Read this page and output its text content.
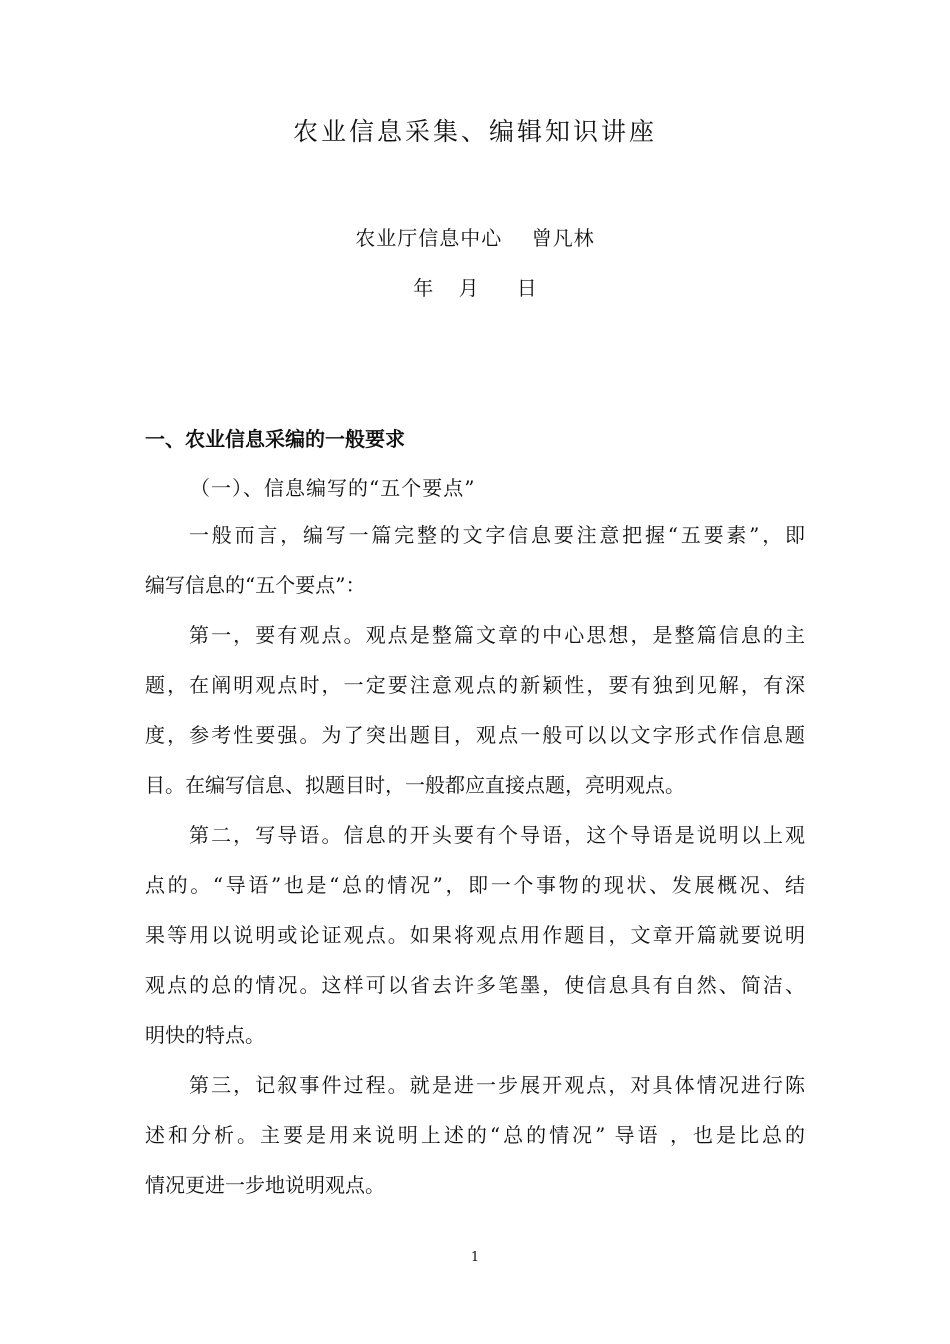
农业信息采集、编辑知识讲座
农业厅信息中心    曾凡林
年    月      日
一、农业信息采编的一般要求
（一）、信息编写的“五个要点”
一般而言，编写一篇完整的文字信息要注意把握“五要素”，即
编写信息的“五个要点”：
第一，要有观点。观点是整篇文章的中心思想，是整篇信息的主
题，在阐明观点时，一定要注意观点的新颖性，要有独到见解，有深
度，参考性要强。为了突出题目，观点一般可以以文字形式作信息题
目。在编写信息、拟题目时，一般都应直接点题，亮明观点。
第二，写导语。信息的开头要有个导语，这个导语是说明以上观
点的。“导语”也是“总的情况”，即一个事物的现状、发展概况、结
果等用以说明或论证观点。如果将观点用作题目，文章开篇就要说明
观点的总的情况。这样可以省去许多笔墨，使信息具有自然、简洁、
明快的特点。
第三，记叙事件过程。就是进一步展开观点，对具体情况进行陈
述和分析。主要是用来说明上述的“总的情况” 导语 ，也是比总的
情况更进一步地说明观点。
1
